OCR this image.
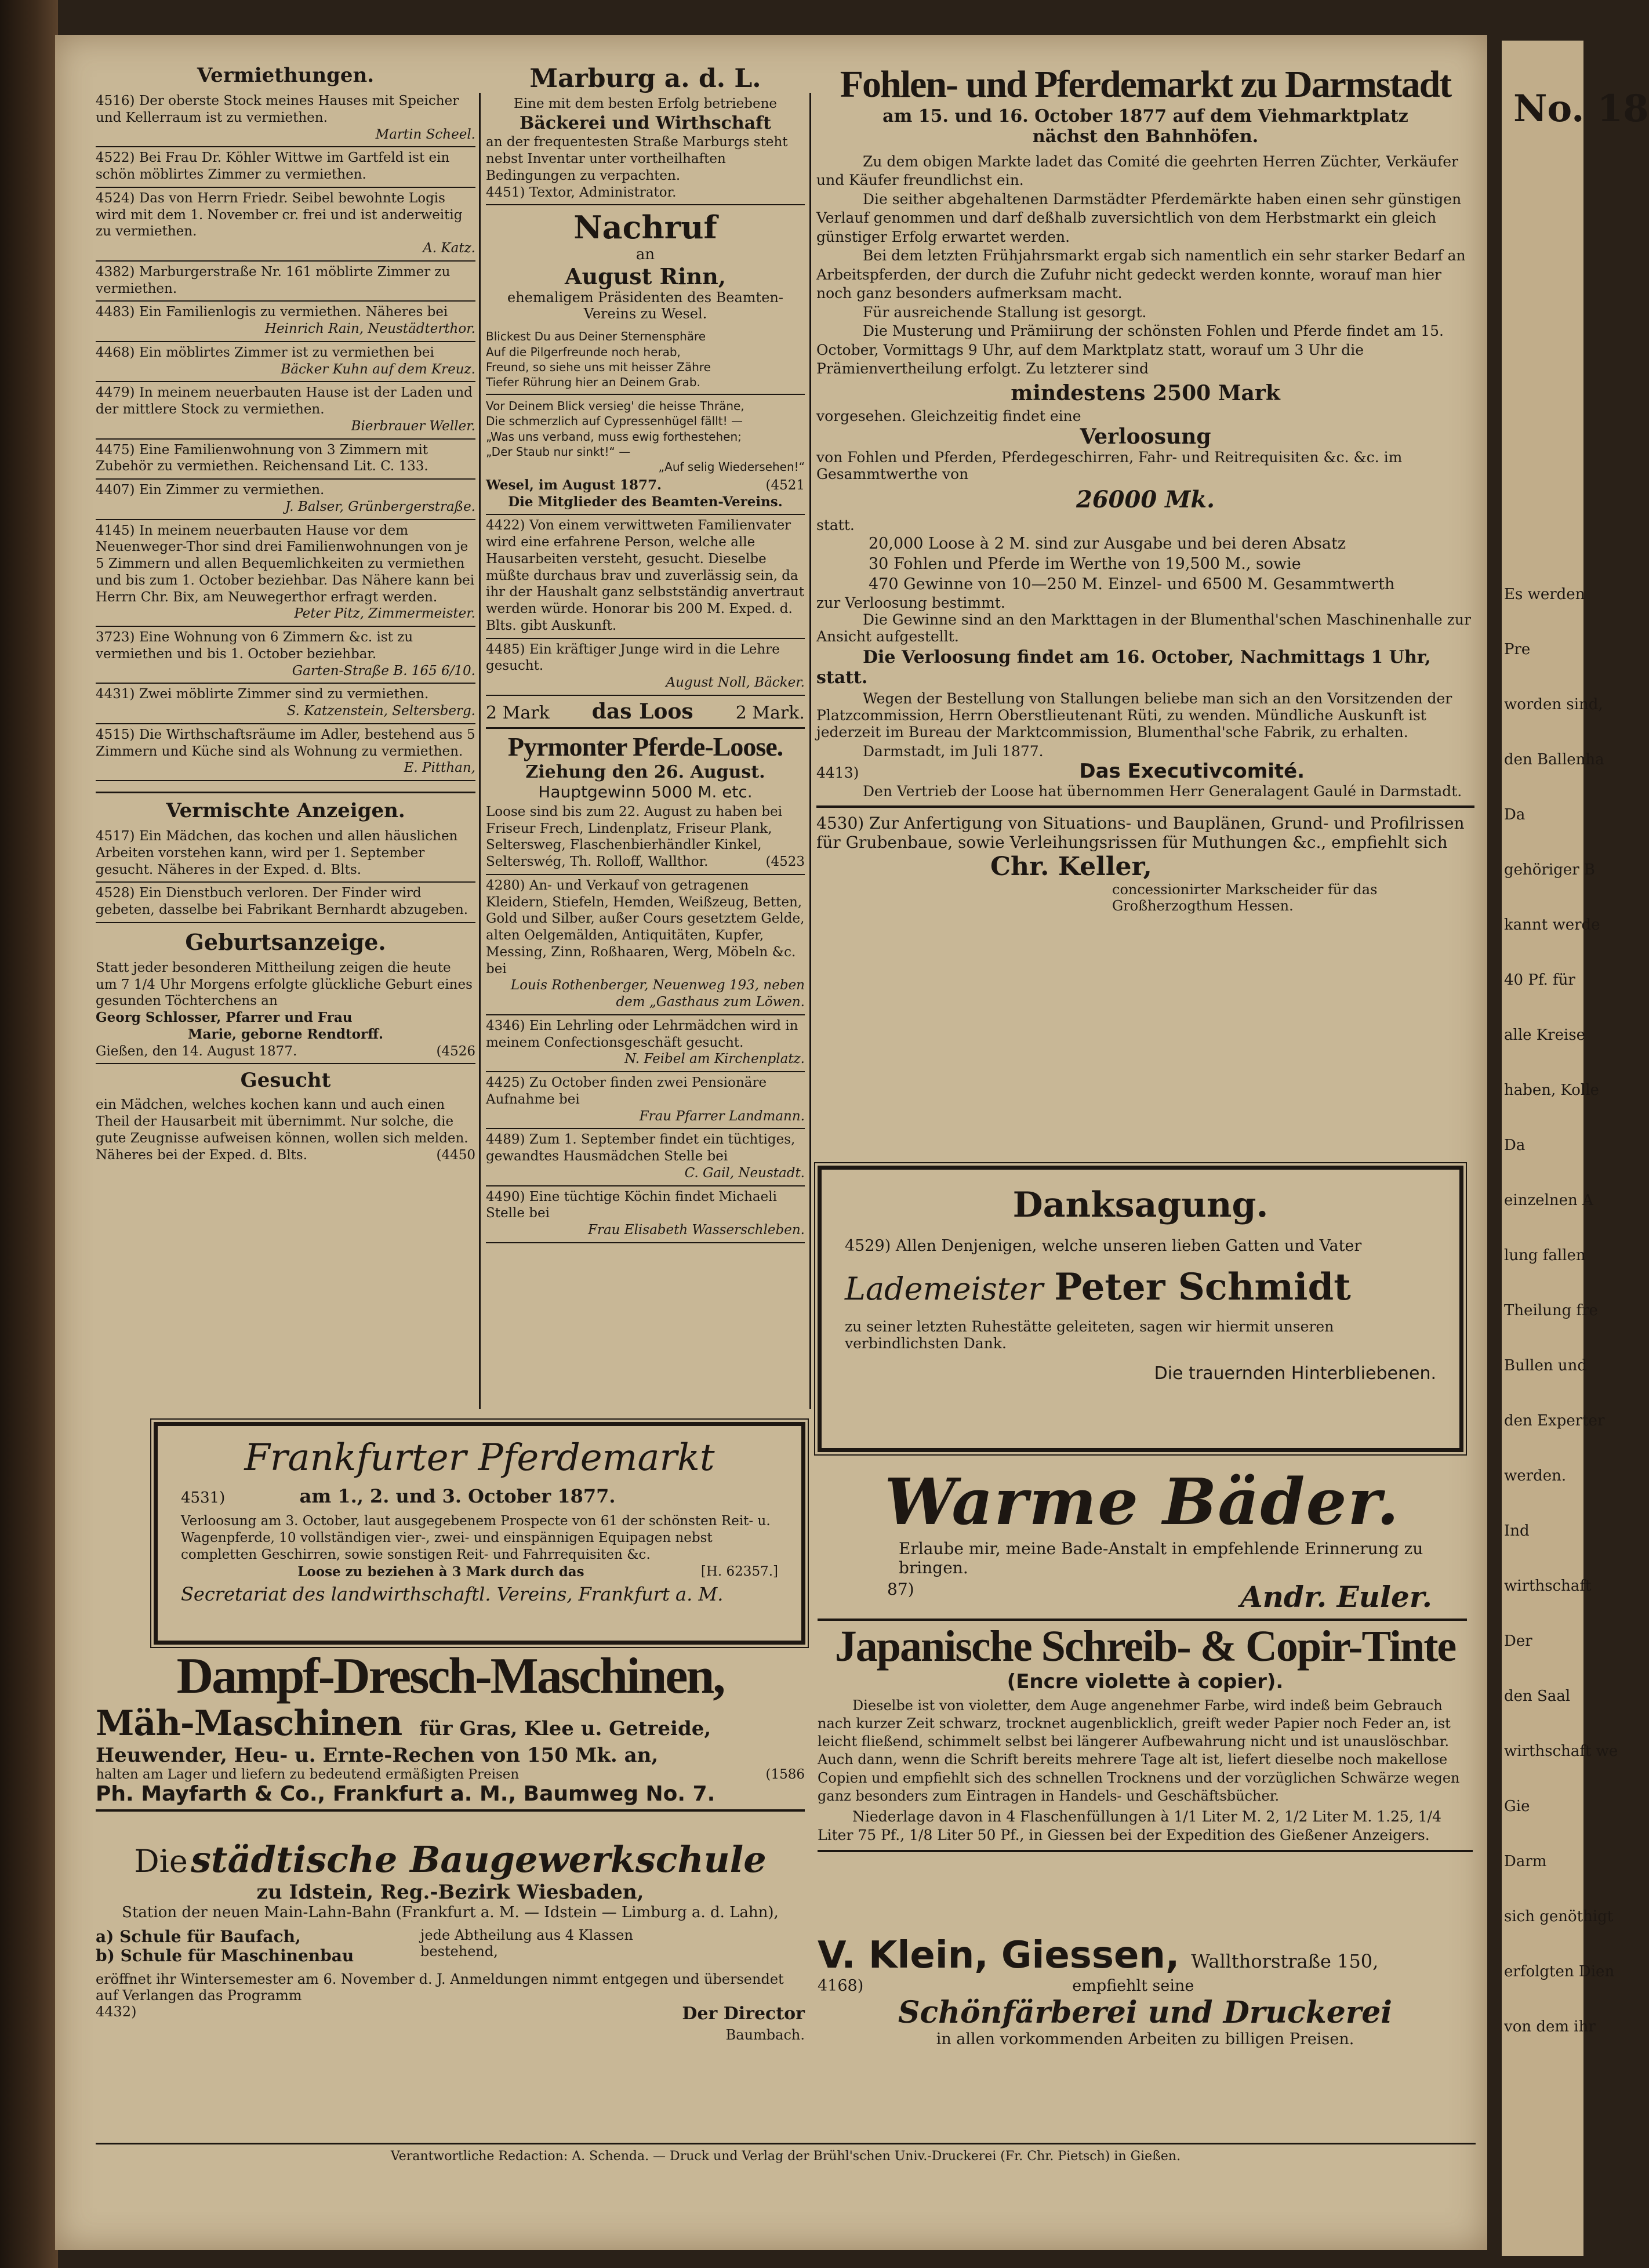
No. 18
Es werden
Pre
worden sind,
den Ballenha
Da
gehöriger B
kannt werde
40 Pf. für
alle Kreise
haben, Kolle
Da
einzelnen A
lung fallen
Theilung fre
Bullen und
den Experter
werden.
Ind
wirthschaft
Der
den Saal
wirthschaft we
Gie
Darm
sich genöthigt
erfolgten Dien
von dem ihr
Vermiethungen.

4516) Der oberste Stock meines Hauses mit Speicher und Kellerraum ist zu vermiethen.

Martin Scheel.

4522) Bei Frau Dr. Köhler Wittwe im Gartfeld ist ein schön möblirtes Zimmer zu vermiethen.

4524) Das von Herrn Friedr. Seibel bewohnte Logis wird mit dem 1. November cr. frei und ist anderweitig zu vermiethen.

A. Katz.

4382) Marburgerstraße Nr. 161 möblirte Zimmer zu vermiethen.

4483) Ein Familienlogis zu vermiethen. Näheres bei

Heinrich Rain, Neustädterthor.

4468) Ein möblirtes Zimmer ist zu vermiethen bei

Bäcker Kuhn auf dem Kreuz.

4479) In meinem neuerbauten Hause ist der Laden und der mittlere Stock zu vermiethen.

Bierbrauer Weller.

4475) Eine Familienwohnung von 3 Zimmern mit Zubehör zu vermiethen. Reichensand Lit. C. 133.

4407) Ein Zimmer zu vermiethen.

J. Balser, Grünbergerstraße.

4145) In meinem neuerbauten Hause vor dem Neuenweger-Thor sind drei Familienwohnungen von je 5 Zimmern und allen Bequemlichkeiten zu vermiethen und bis zum 1. October beziehbar. Das Nähere kann bei Herrn Chr. Bix, am Neuwegerthor erfragt werden.

Peter Pitz, Zimmermeister.

3723) Eine Wohnung von 6 Zimmern &c. ist zu vermiethen und bis 1. October beziehbar.

Garten-Straße B. 165 6/10.

4431) Zwei möblirte Zimmer sind zu vermiethen.

S. Katzenstein, Seltersberg.

4515) Die Wirthschaftsräume im Adler, bestehend aus 5 Zimmern und Küche sind als Wohnung zu vermiethen.

E. Pitthan,

Vermischte Anzeigen.

4517) Ein Mädchen, das kochen und allen häuslichen Arbeiten vorstehen kann, wird per 1. September gesucht. Näheres in der Exped. d. Blts.

4528) Ein Dienstbuch verloren. Der Finder wird gebeten, dasselbe bei Fabrikant Bernhardt abzugeben.

Geburtsanzeige.

Statt jeder besonderen Mittheilung zeigen die heute um 7 1/4 Uhr Morgens erfolgte glückliche Geburt eines gesunden Töchterchens an

Georg Schlosser, Pfarrer und Frau

Marie, geborne Rendtorff.

Gießen, den 14. August 1877.	(4526

Gesucht

ein Mädchen, welches kochen kann und auch einen Theil der Hausarbeit mit übernimmt. Nur solche, die gute Zeugnisse aufweisen können, wollen sich melden. Näheres bei der Exped. d. Blts.	(4450

Marburg a. d. L.

Eine mit dem besten Erfolg betriebene

Bäckerei und Wirthschaft

an der frequentesten Straße Marburgs steht nebst Inventar unter vortheilhaften Bedingungen zu verpachten.

4451) Textor, Administrator.

Nachruf
an
August Rinn,
ehemaligem Präsidenten des Beamten-Vereins zu Wesel.
Blickest Du aus Deiner Sternensphäre
Auf die Pilgerfreunde noch herab,
Freund, so siehe uns mit heisser Zähre
Tiefer Rührung hier an Deinem Grab.
Vor Deinem Blick versieg' die heisse Thräne,
Die schmerzlich auf Cypressenhügel fällt! —
„Was uns verband, muss ewig forthestehen;
„Der Staub nur sinkt!“ —
„Auf selig Wiedersehen!“

Wesel, im August 1877.	(4521

Die Mitglieder des Beamten-Vereins.

4422) Von einem verwittweten Familienvater wird eine erfahrene Person, welche alle Hausarbeiten versteht, gesucht. Dieselbe müßte durchaus brav und zuverlässig sein, da ihr der Haushalt ganz selbstständig anvertraut werden würde. Honorar bis 200 M. Exped. d. Blts. gibt Auskunft.

4485) Ein kräftiger Junge wird in die Lehre gesucht.

August Noll, Bäcker.

2 Mark das Loos 2 Mark.
Pyrmonter Pferde-Loose.
Ziehung den 26. August.
Hauptgewinn 5000 M. etc.

Loose sind bis zum 22. August zu haben bei Friseur Frech, Lindenplatz, Friseur Plank, Seltersweg, Flaschenbierhändler Kinkel, Selterswég, Th. Rolloff, Wallthor.	(4523

4280) An- und Verkauf von getragenen Kleidern, Stiefeln, Hemden, Weißzeug, Betten, Gold und Silber, außer Cours gesetztem Gelde, alten Oelgemälden, Antiquitäten, Kupfer, Messing, Zinn, Roßhaaren, Werg, Möbeln &c. bei

Louis Rothenberger, Neuenweg 193, neben dem „Gasthaus zum Löwen.

4346) Ein Lehrling oder Lehrmädchen wird in meinem Confectionsgeschäft gesucht.

N. Feibel am Kirchenplatz.

4425) Zu October finden zwei Pensionäre Aufnahme bei

Frau Pfarrer Landmann.

4489) Zum 1. September findet ein tüchtiges, gewandtes Hausmädchen Stelle bei

C. Gail, Neustadt.

4490) Eine tüchtige Köchin findet Michaeli Stelle bei

Frau Elisabeth Wasserschleben.

Fohlen- und Pferdemarkt zu Darmstadt
am 15. und 16. October 1877 auf dem Viehmarktplatz nächst den Bahnhöfen.

Zu dem obigen Markte ladet das Comité die geehrten Herren Züchter, Verkäufer und Käufer freundlichst ein.

Die seither abgehaltenen Darmstädter Pferdemärkte haben einen sehr günstigen Verlauf genommen und darf deßhalb zuversichtlich von dem Herbstmarkt ein gleich günstiger Erfolg erwartet werden.

Bei dem letzten Frühjahrsmarkt ergab sich namentlich ein sehr starker Bedarf an Arbeitspferden, der durch die Zufuhr nicht gedeckt werden konnte, worauf man hier noch ganz besonders aufmerksam macht.

Für ausreichende Stallung ist gesorgt.

Die Musterung und Prämiirung der schönsten Fohlen und Pferde findet am 15. October, Vormittags 9 Uhr, auf dem Marktplatz statt, worauf um 3 Uhr die Prämienvertheilung erfolgt. Zu letzterer sind

mindestens 2500 Mark

vorgesehen. Gleichzeitig findet eine

Verloosung

von Fohlen und Pferden, Pferdegeschirren, Fahr- und Reitrequisiten &c. &c. im Gesammtwerthe von

26000 Mk.

statt.

20,000 Loose à 2 M. sind zur Ausgabe und bei deren Absatz
30 Fohlen und Pferde im Werthe von 19,500 M., sowie
470 Gewinne von 10—250 M. Einzel- und 6500 M. Gesammtwerth

zur Verloosung bestimmt.

Die Gewinne sind an den Markttagen in der Blumenthal'schen Maschinenhalle zur Ansicht aufgestellt.

Die Verloosung findet am 16. October, Nachmittags 1 Uhr, statt.

Wegen der Bestellung von Stallungen beliebe man sich an den Vorsitzenden der Platzcommission, Herrn Oberstlieutenant Rüti, zu wenden. Mündliche Auskunft ist jederzeit im Bureau der Marktcommission, Blumenthal'sche Fabrik, zu erhalten.

Darmstadt, im Juli 1877.

4413)	Das Executivcomité.

Den Vertrieb der Loose hat übernommen Herr Generalagent Gaulé in Darmstadt.

4530) Zur Anfertigung von Situations- und Bauplänen, Grund- und Profilrissen für Grubenbaue, sowie Verleihungsrissen für Muthungen &c., empfiehlt sich

Chr. Keller,

concessionirter Markscheider für das Großherzogthum Hessen.

Danksagung.

4529) Allen Denjenigen, welche unseren lieben Gatten und Vater

Lademeister Peter Schmidt

zu seiner letzten Ruhestätte geleiteten, sagen wir hiermit unseren verbindlichsten Dank.

Die trauernden Hinterbliebenen.

Frankfurter Pferdemarkt
4531)	am 1., 2. und 3. October 1877.

Verloosung am 3. October, laut ausgegebenem Prospecte von 61 der schönsten Reit- u. Wagenpferde, 10 vollständigen vier-, zwei- und einspännigen Equipagen nebst completten Geschirren, sowie sonstigen Reit- und Fahrrequisiten &c.

Loose zu beziehen à 3 Mark durch das	[H. 62357.]

Secretariat des landwirthschaftl. Vereins, Frankfurt a. M.

Dampf-Dresch-Maschinen,
Mäh-Maschinen für Gras, Klee u. Getreide,
Heuwender, Heu- u. Ernte-Rechen von 150 Mk. an,
halten am Lager und liefern zu bedeutend ermäßigten Preisen	(1586
Ph. Mayfarth & Co., Frankfurt a. M., Baumweg No. 7.
Die städtische Baugewerkschule
zu Idstein, Reg.-Bezirk Wiesbaden,
Station der neuen Main-Lahn-Bahn (Frankfurt a. M. — Idstein — Limburg a. d. Lahn),
a) Schule für Baufach,
b) Schule für Maschinenbau
jede Abtheilung aus 4 Klassen bestehend,

eröffnet ihr Wintersemester am 6. November d. J. Anmeldungen nimmt entgegen und übersendet auf Verlangen das Programm

4432)	Der Director
Baumbach.
Warme Bäder.

Erlaube mir, meine Bade-Anstalt in empfehlende Erinnerung zu bringen.

87)	Andr. Euler.
Japanische Schreib- & Copir-Tinte
(Encre violette à copier).

Dieselbe ist von violetter, dem Auge angenehmer Farbe, wird indeß beim Gebrauch nach kurzer Zeit schwarz, trocknet augenblicklich, greift weder Papier noch Feder an, ist leicht fließend, schimmelt selbst bei längerer Aufbewahrung nicht und ist unauslöschbar. Auch dann, wenn die Schrift bereits mehrere Tage alt ist, liefert dieselbe noch makellose Copien und empfiehlt sich des schnellen Trocknens und der vorzüglichen Schwärze wegen ganz besonders zum Eintragen in Handels- und Geschäftsbücher.

Niederlage davon in 4 Flaschenfüllungen à 1/1 Liter M. 2, 1/2 Liter M. 1.25, 1/4 Liter 75 Pf., 1/8 Liter 50 Pf., in Giessen bei der Expedition des Gießener Anzeigers.

V. Klein, Giessen, Wallthorstraße 150,
4168)	empfiehlt seine
Schönfärberei und Druckerei

in allen vorkommenden Arbeiten zu billigen Preisen.

Verantwortliche Redaction: A. Schenda. — Druck und Verlag der Brühl'schen Univ.-Druckerei (Fr. Chr. Pietsch) in Gießen.
